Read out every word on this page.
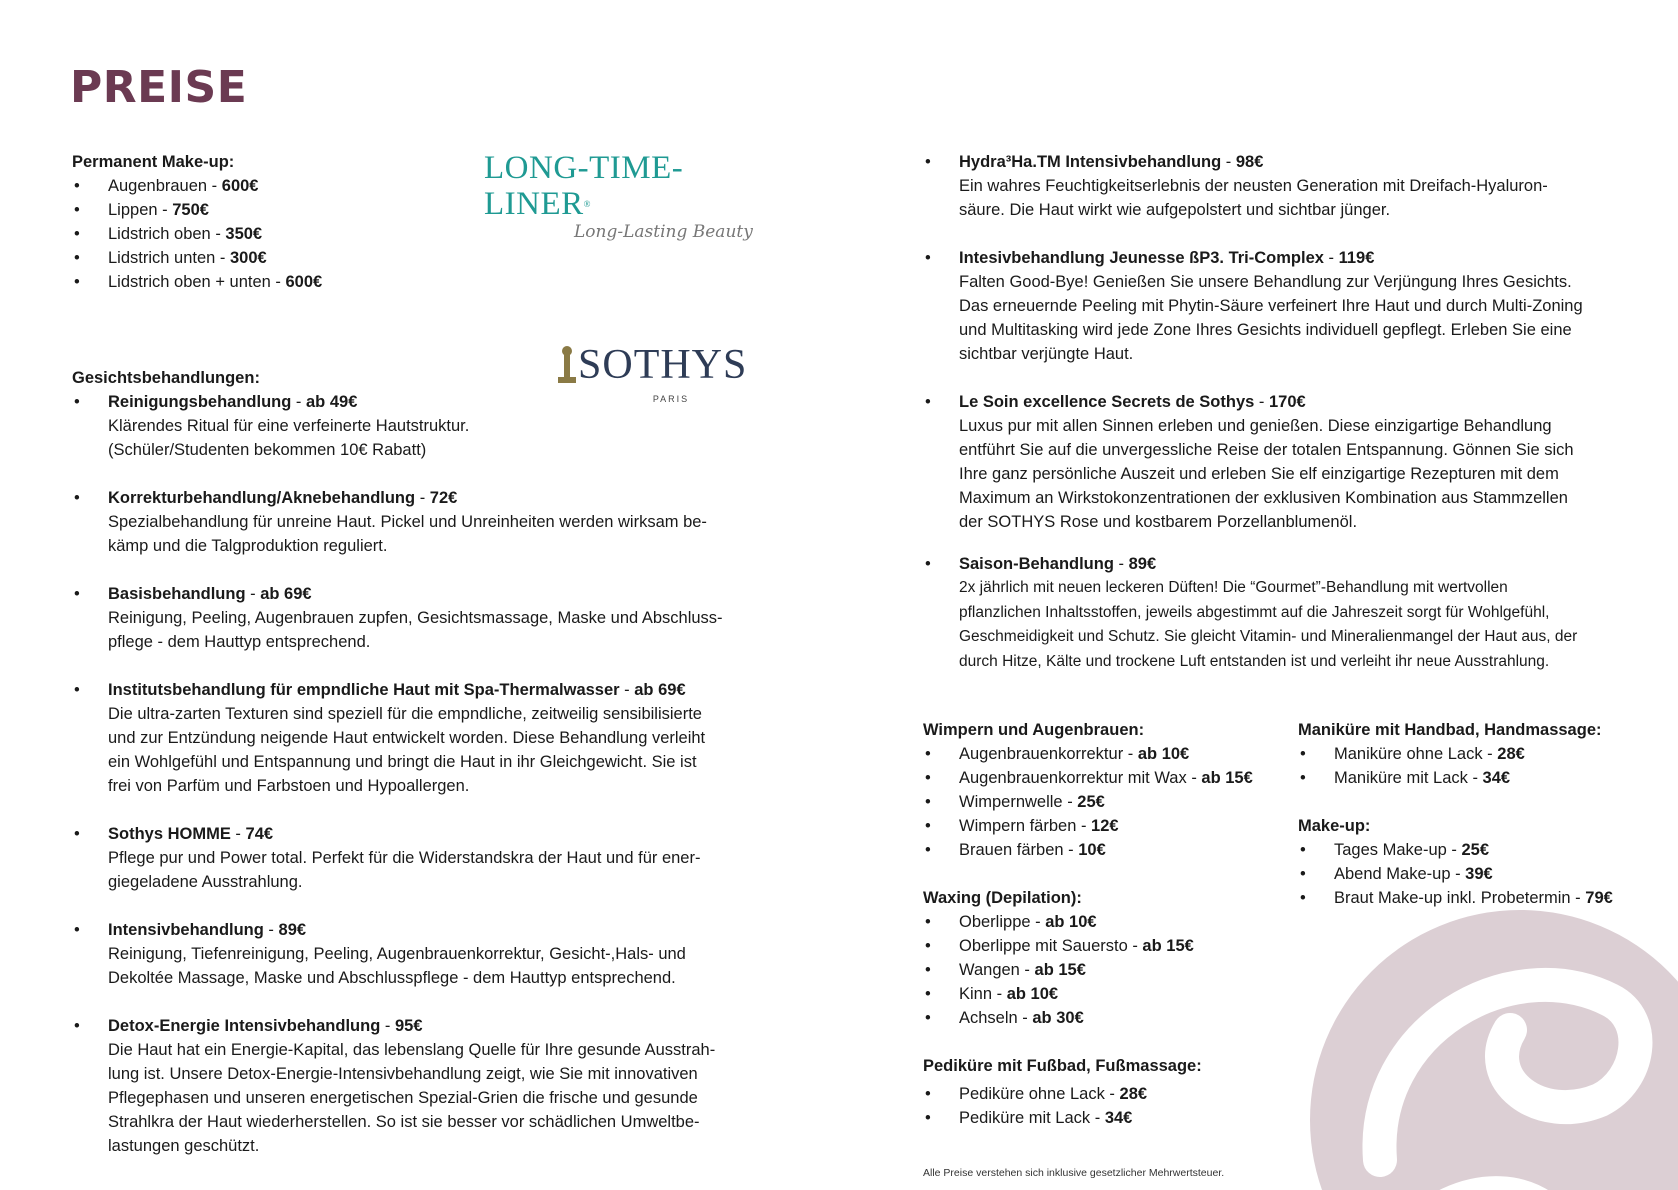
PREISE
LONG-TIME-LINER®
Long-Lasting Beauty
SOTHYS
PARIS
Permanent Make-up:
• Augenbrauen - 600€
• Lippen - 750€
• Lidstrich oben - 350€
• Lidstrich unten - 300€
• Lidstrich oben + unten - 600€
Gesichtsbehandlungen:
• Reinigungsbehandlung - ab 49€
Klärendes Ritual für eine verfeinerte Hautstruktur.
(Schüler/Studenten bekommen 10€ Rabatt)
• Korrekturbehandlung/Aknebehandlung - 72€
Spezialbehandlung für unreine Haut. Pickel und Unreinheiten werden wirksam be-
kämp und die Talgproduktion reguliert.
• Basisbehandlung - ab 69€
Reinigung, Peeling, Augenbrauen zupfen, Gesichtsmassage, Maske und Abschluss-
pflege - dem Hauttyp entsprechend.
• Institutsbehandlung für empndliche Haut mit Spa-Thermalwasser - ab 69€
Die ultra-zarten Texturen sind speziell für die empndliche, zeitweilig sensibilisierte
und zur Entzündung neigende Haut entwickelt worden. Diese Behandlung verleiht
ein Wohlgefühl und Entspannung und bringt die Haut in ihr Gleichgewicht. Sie ist
frei von Parfüm und Farbstoen und Hypoallergen.
• Sothys HOMME - 74€
Pflege pur und Power total. Perfekt für die Widerstandskra der Haut und für ener-
giegeladene Ausstrahlung.
• Intensivbehandlung - 89€
Reinigung, Tiefenreinigung, Peeling, Augenbrauenkorrektur, Gesicht-,Hals- und
Dekoltée Massage, Maske und Abschlusspflege - dem Hauttyp entsprechend.
• Detox-Energie Intensivbehandlung - 95€
Die Haut hat ein Energie-Kapital, das lebenslang Quelle für Ihre gesunde Ausstrah-
lung ist. Unsere Detox-Energie-Intensivbehandlung zeigt, wie Sie mit innovativen
Pflegephasen und unseren energetischen Spezial-Grien die frische und gesunde
Strahlkra der Haut wiederherstellen. So ist sie besser vor schädlichen Umweltbe-
lastungen geschützt.
• Hydra³Ha.TM Intensivbehandlung - 98€
Ein wahres Feuchtigkeitserlebnis der neusten Generation mit Dreifach-Hyaluron-
säure. Die Haut wirkt wie aufgepolstert und sichtbar jünger.
• Intesivbehandlung Jeunesse ßP3. Tri-Complex - 119€
Falten Good-Bye! Genießen Sie unsere Behandlung zur Verjüngung Ihres Gesichts.
Das erneuernde Peeling mit Phytin-Säure verfeinert Ihre Haut und durch Multi-Zoning
und Multitasking wird jede Zone Ihres Gesichts individuell gepflegt. Erleben Sie eine
sichtbar verjüngte Haut.
• Le Soin excellence Secrets de Sothys - 170€
Luxus pur mit allen Sinnen erleben und genießen. Diese einzigartige Behandlung
entführt Sie auf die unvergessliche Reise der totalen Entspannung. Gönnen Sie sich
Ihre ganz persönliche Auszeit und erleben Sie elf einzigartige Rezepturen mit dem
Maximum an Wirkstokonzentrationen der exklusiven Kombination aus Stammzellen
der SOTHYS Rose und kostbarem Porzellanblumenöl.
• Saison-Behandlung - 89€
2x jährlich mit neuen leckeren Düften! Die “Gourmet”-Behandlung mit wertvollen
pflanzlichen Inhaltsstoffen, jeweils abgestimmt auf die Jahreszeit sorgt für Wohlgefühl,
Geschmeidigkeit und Schutz. Sie gleicht Vitamin- und Mineralienmangel der Haut aus, der
durch Hitze, Kälte und trockene Luft entstanden ist und verleiht ihr neue Ausstrahlung.
Wimpern und Augenbrauen:
• Augenbrauenkorrektur - ab 10€
• Augenbrauenkorrektur mit Wax - ab 15€
• Wimpernwelle - 25€
• Wimpern färben - 12€
• Brauen färben - 10€
Waxing (Depilation):
• Oberlippe - ab 10€
• Oberlippe mit Sauersto - ab 15€
• Wangen - ab 15€
• Kinn - ab 10€
• Achseln - ab 30€
Pediküre mit Fußbad, Fußmassage:
• Pediküre ohne Lack - 28€
• Pediküre mit Lack - 34€
Maniküre mit Handbad, Handmassage:
• Maniküre ohne Lack - 28€
• Maniküre mit Lack - 34€
Make-up:
• Tages Make-up - 25€
• Abend Make-up - 39€
• Braut Make-up inkl. Probetermin - 79€
Alle Preise verstehen sich inklusive gesetzlicher Mehrwertsteuer.
